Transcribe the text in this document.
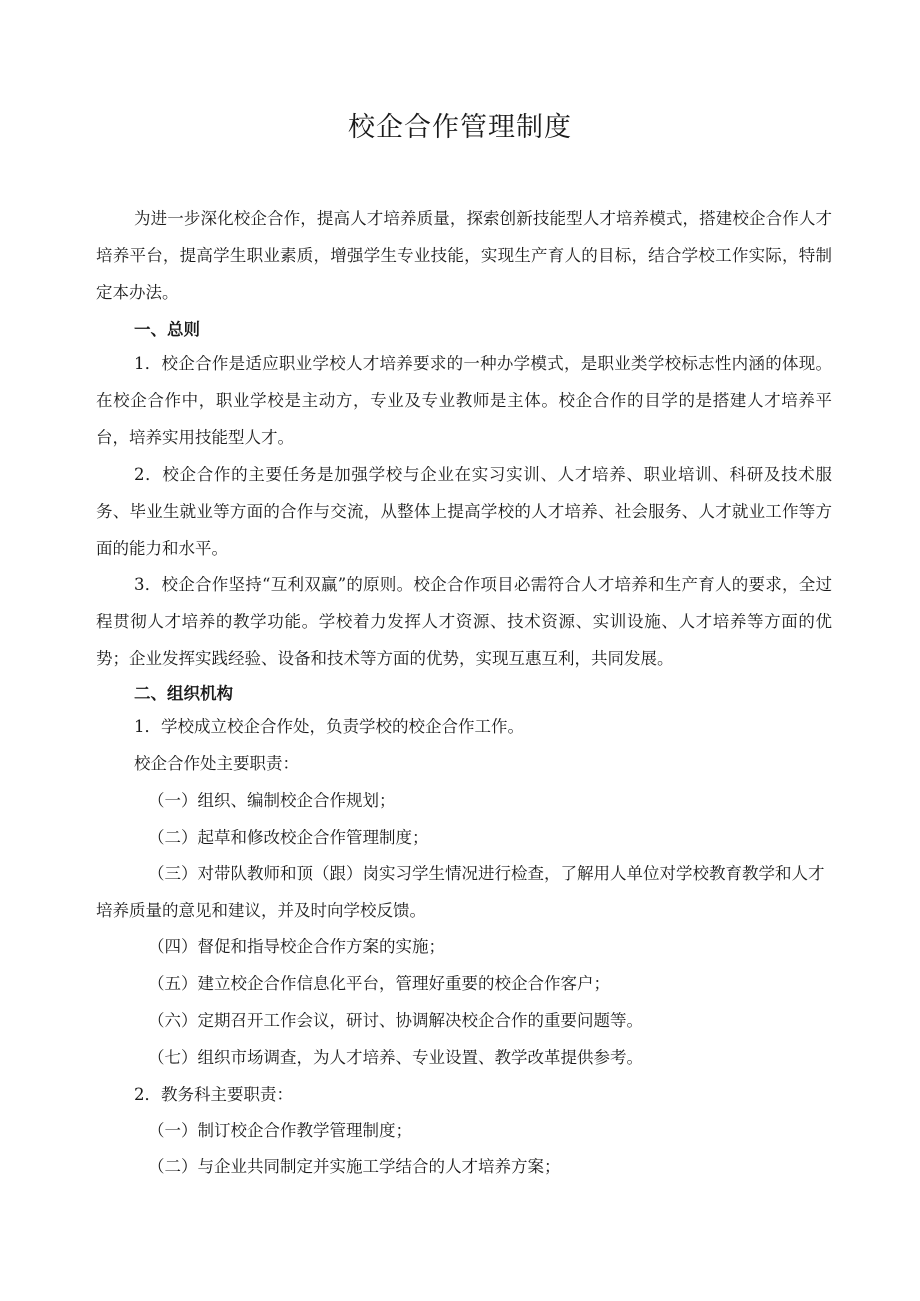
校企合作管理制度

为进一步深化校企合作，提高人才培养质量，探索创新技能型人才培养模式，搭建校企合作人才培养平台，提高学生职业素质，增强学生专业技能，实现生产育人的目标，结合学校工作实际，特制定本办法。

一、总则

1．校企合作是适应职业学校人才培养要求的一种办学模式，是职业类学校标志性内涵的体现。在校企合作中，职业学校是主动方，专业及专业教师是主体。校企合作的目学的是搭建人才培养平台，培养实用技能型人才。

2．校企合作的主要任务是加强学校与企业在实习实训、人才培养、职业培训、科研及技术服务、毕业生就业等方面的合作与交流，从整体上提高学校的人才培养、社会服务、人才就业工作等方面的能力和水平。

3．校企合作坚持“互利双赢”的原则。校企合作项目必需符合人才培养和生产育人的要求，全过程贯彻人才培养的教学功能。学校着力发挥人才资源、技术资源、实训设施、人才培养等方面的优势；企业发挥实践经验、设备和技术等方面的优势，实现互惠互利，共同发展。

二、组织机构

1．学校成立校企合作处，负责学校的校企合作工作。

校企合作处主要职责：

（一）组织、编制校企合作规划；

（二）起草和修改校企合作管理制度；

（三）对带队教师和顶（跟）岗实习学生情况进行检查，了解用人单位对学校教育教学和人才培养质量的意见和建议，并及时向学校反馈。

（四）督促和指导校企合作方案的实施；

（五）建立校企合作信息化平台，管理好重要的校企合作客户；

（六）定期召开工作会议，研讨、协调解决校企合作的重要问题等。

（七）组织市场调查，为人才培养、专业设置、教学改革提供参考。

2．教务科主要职责：

（一）制订校企合作教学管理制度；

（二）与企业共同制定并实施工学结合的人才培养方案；
